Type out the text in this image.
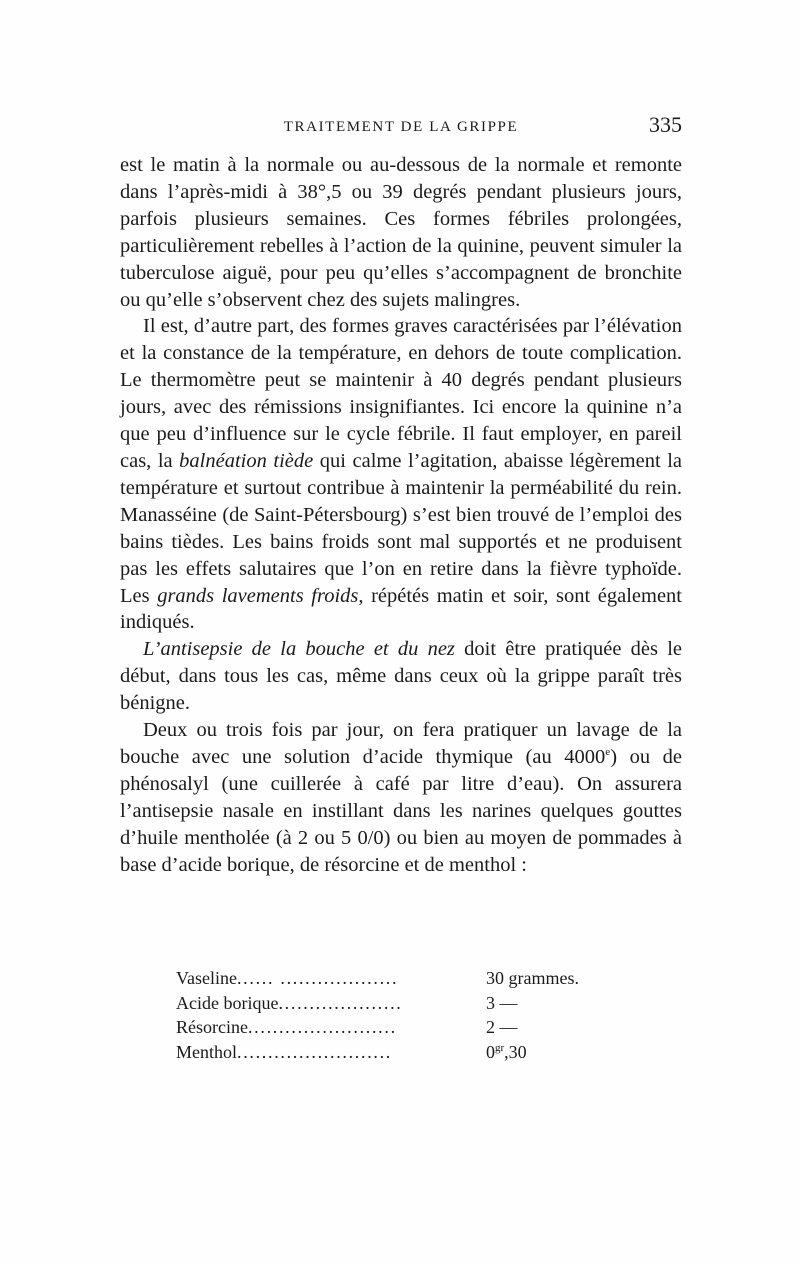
TRAITEMENT DE LA GRIPPE	335

est le matin à la normale ou au-dessous de la normale et remonte dans l’après-midi à 38°,5 ou 39 degrés pendant plusieurs jours, parfois plusieurs semaines. Ces formes fébriles prolongées, particulièrement rebelles à l’action de la quinine, peuvent simuler la tuberculose aiguë, pour peu qu’elles s’accompagnent de bronchite ou qu’elle s’observent chez des sujets malingres.

Il est, d’autre part, des formes graves caractérisées par l’élévation et la constance de la température, en dehors de toute complication. Le thermomètre peut se maintenir à 40 degrés pendant plusieurs jours, avec des rémissions insignifiantes. Ici encore la quinine n’a que peu d’influence sur le cycle fébrile. Il faut employer, en pareil cas, la balnéation tiède qui calme l’agitation, abaisse légèrement la température et surtout contribue à maintenir la perméabilité du rein. Manasséine (de Saint-Pétersbourg) s’est bien trouvé de l’emploi des bains tièdes. Les bains froids sont mal supportés et ne produisent pas les effets salutaires que l’on en retire dans la fièvre typhoïde. Les grands lavements froids, répétés matin et soir, sont également indiqués.

L’antisepsie de la bouche et du nez doit être pratiquée dès le début, dans tous les cas, même dans ceux où la grippe paraît très bénigne.

Deux ou trois fois par jour, on fera pratiquer un lavage de la bouche avec une solution d’acide thymique (au 4000e) ou de phénosalyl (une cuillerée à café par litre d’eau). On assurera l’antisepsie nasale en instillant dans les narines quelques gouttes d’huile mentholée (à 2 ou 5 0/0) ou bien au moyen de pommades à base d’acide borique, de résorcine et de menthol :

Vaseline...... ...................	30 grammes.
Acide borique....................	3 —
Résorcine........................	2 —
Menthol.........................	$0^{gr},30$
